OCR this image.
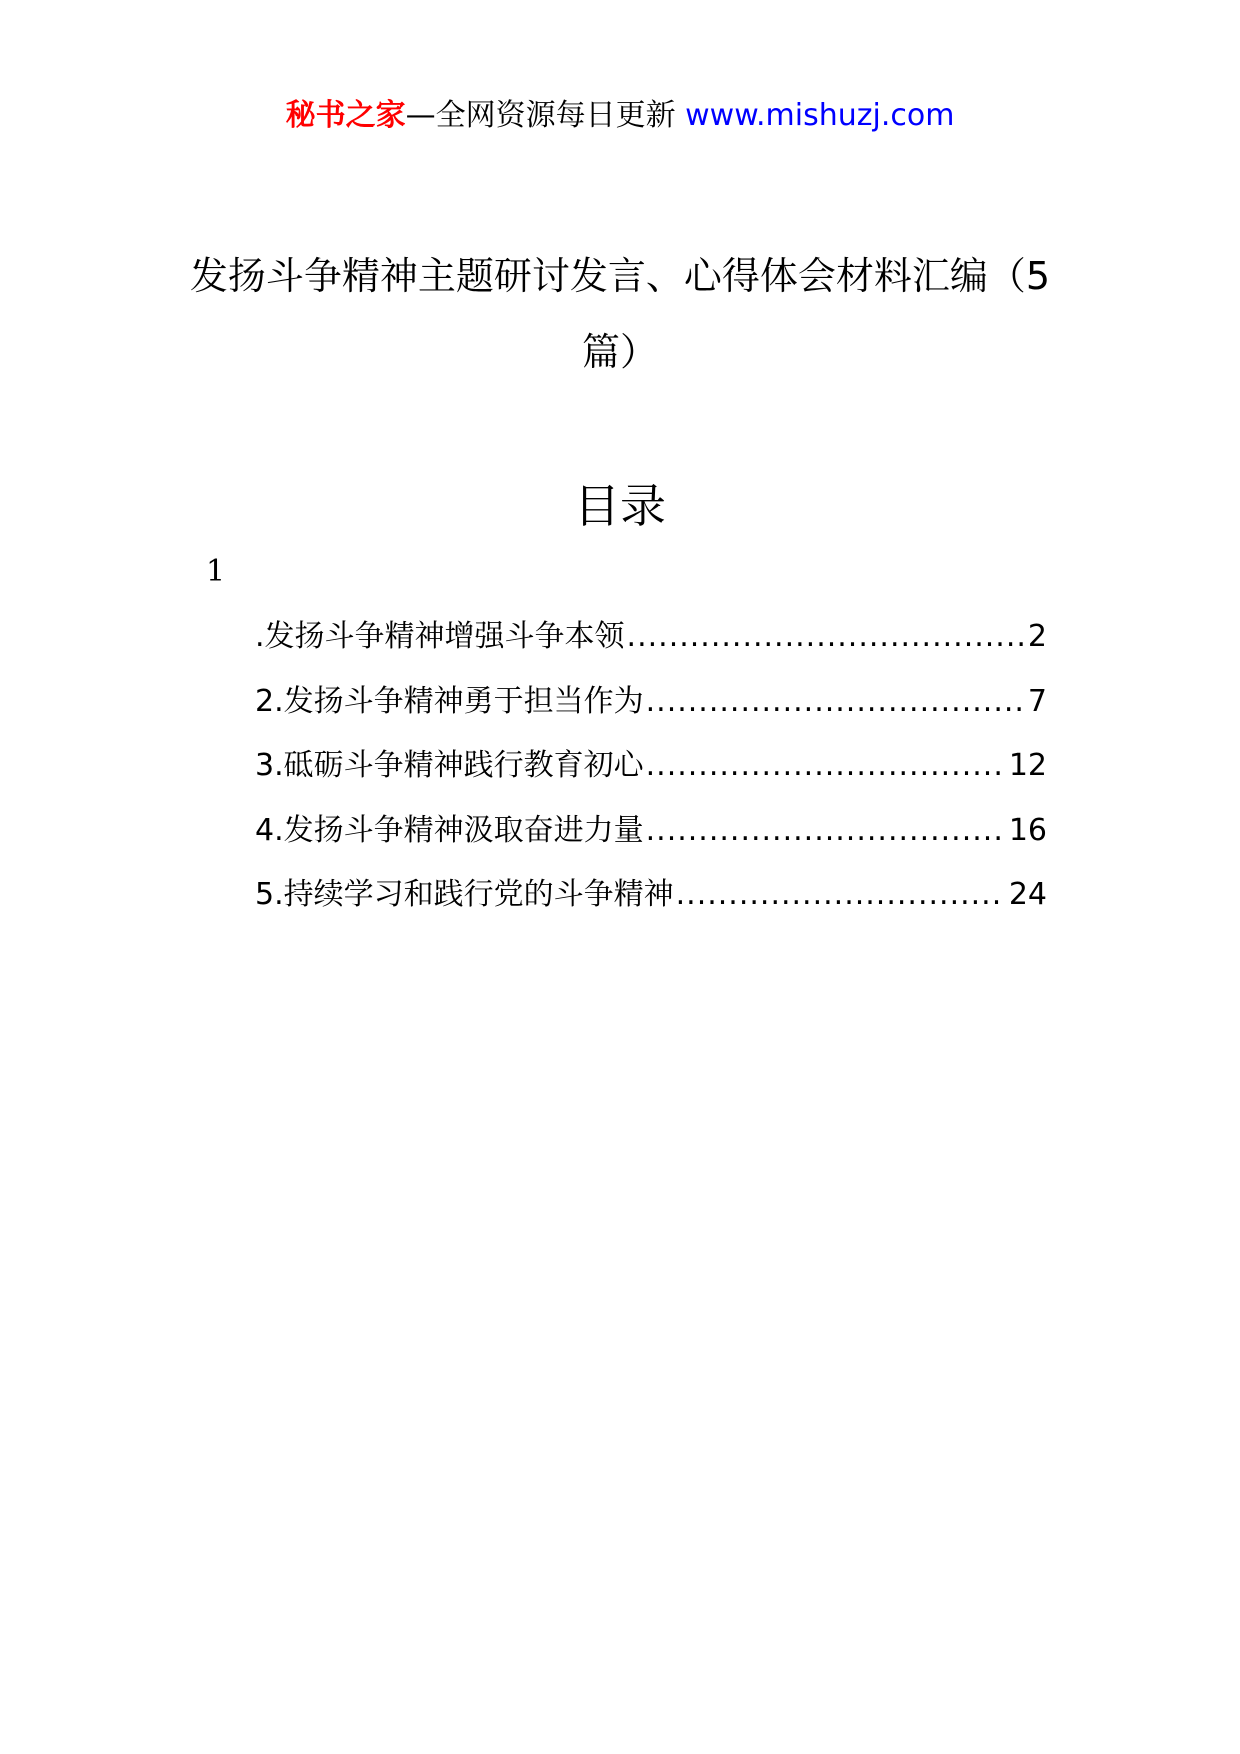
秘书之家—全网资源每日更新 www.mishuzj.com
发扬斗争精神主题研讨发言、心得体会材料汇编（5 篇）
目录
1
.发扬斗争精神增强斗争本领 .....	2
2.发扬斗争精神勇于担当作为 .....	7
3.砥砺斗争精神践行教育初心 .....	12
4.发扬斗争精神汲取奋进力量 .....	16
5.持续学习和践行党的斗争精神 .....	24
